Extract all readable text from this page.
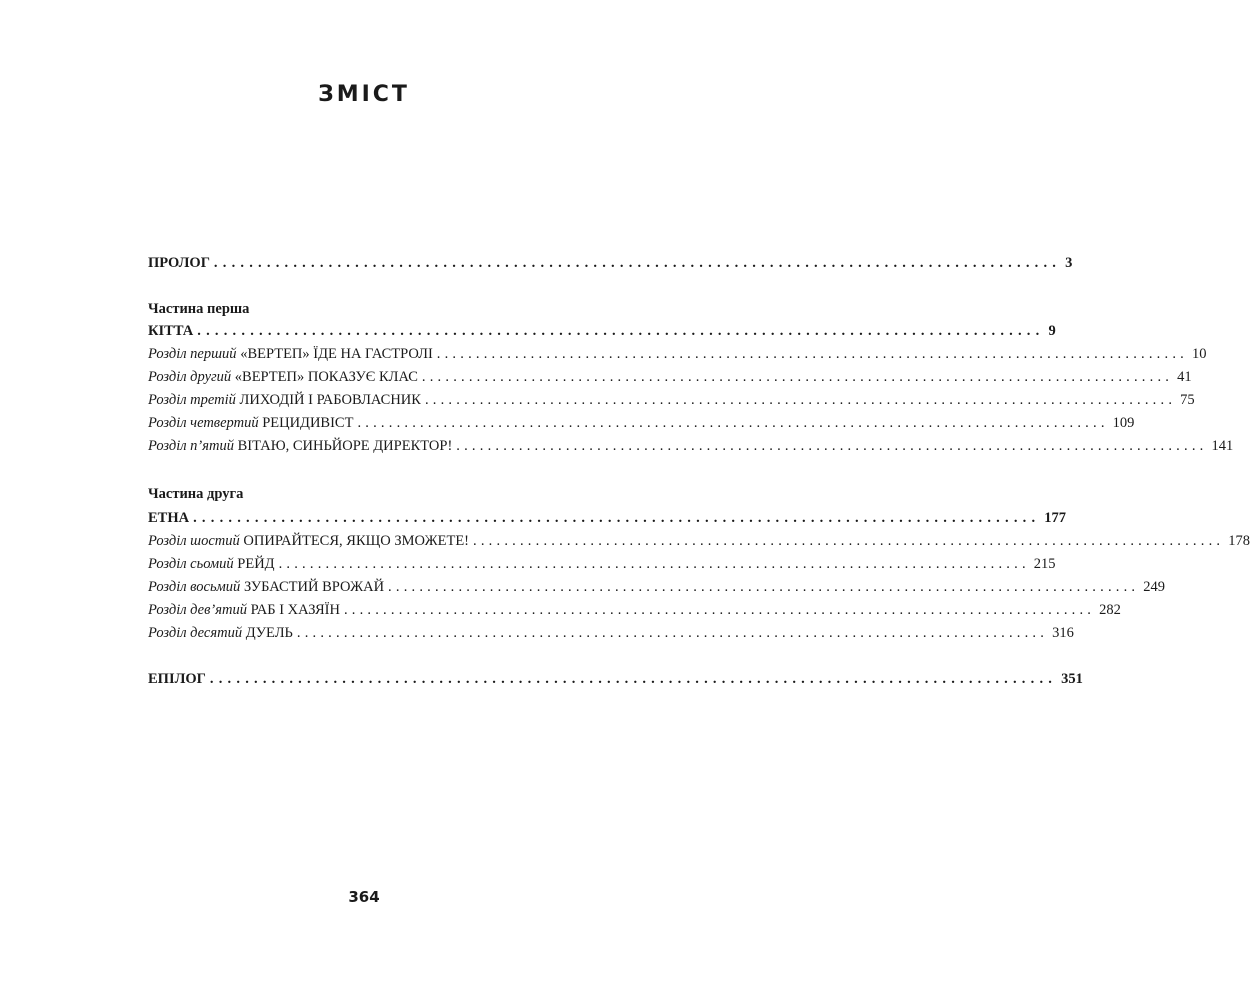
ЗМІСТ
ПРОЛОГ ................................................................................................ 3
Частина перша
КІТТА ................................................................................................ 9
Розділ перший «ВЕРТЕП» ЇДЕ НА ГАСТРОЛІ ................................................................................................ 10
Розділ другий «ВЕРТЕП» ПОКАЗУЄ КЛАС ................................................................................................ 41
Розділ третій ЛИХОДІЙ І РАБОВЛАСНИК ................................................................................................ 75
Розділ четвертий РЕЦИДИВІСТ ................................................................................................ 109
Розділ п’ятий ВІТАЮ, СИНЬЙОРЕ ДИРЕКТОР! ................................................................................................ 141
Частина друга
ЕТНА ................................................................................................ 177
Розділ шостий ОПИРАЙТЕСЯ, ЯКЩО ЗМОЖЕТЕ! ................................................................................................ 178
Розділ сьомий РЕЙД ................................................................................................ 215
Розділ восьмий ЗУБАСТИЙ ВРОЖАЙ ................................................................................................ 249
Розділ дев’ятий РАБ І ХАЗЯЇН ................................................................................................ 282
Розділ десятий ДУЕЛЬ ................................................................................................ 316
ЕПІЛОГ ................................................................................................ 351
364
